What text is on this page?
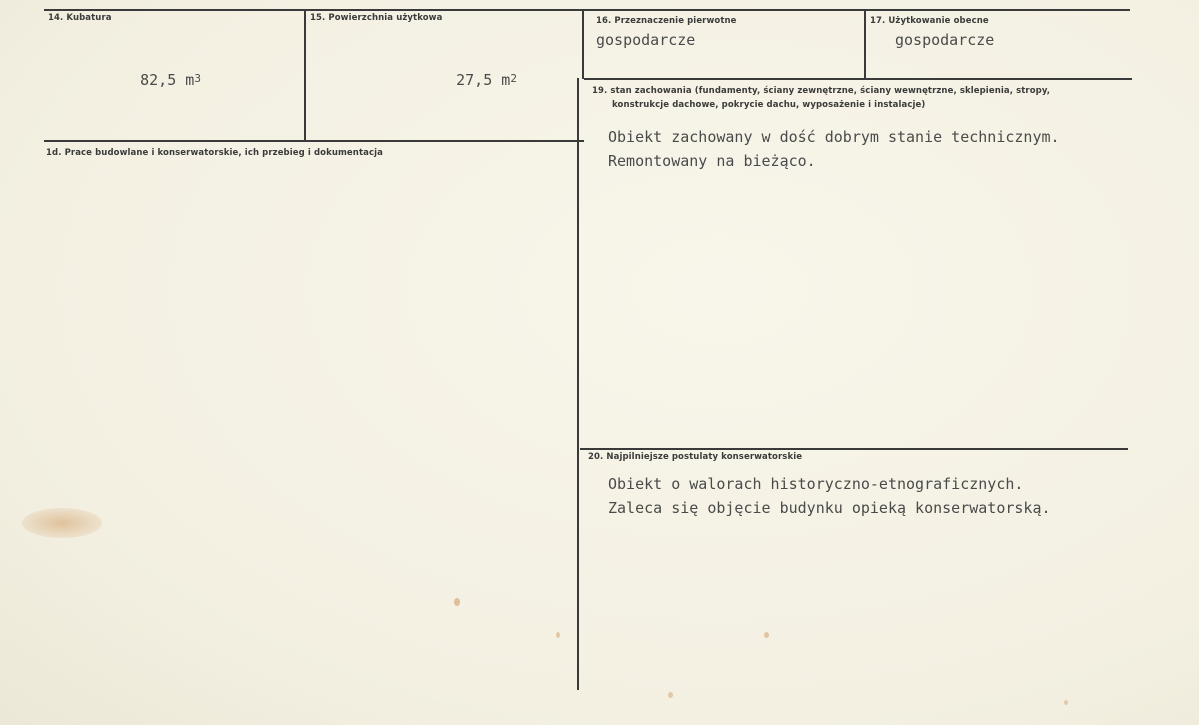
14. Kubatura

82,5 $m^3$

15. Powierzchnia użytkowa

27,5 $m^2$

16. Przeznaczenie pierwotne
gospodarcze
17. Użytkowanie obecne
gospodarcze
1d. Prace budowlane i konserwatorskie, ich przebieg i dokumentacja
19. stan zachowania (fundamenty, ściany zewnętrzne, ściany wewnętrzne, sklepienia, stropy,
konstrukcje dachowe, pokrycie dachu, wyposażenie i instalacje)
Obiekt zachowany w dość dobrym stanie technicznym.
Remontowany na bieżąco.
20. Najpilniejsze postulaty konserwatorskie
Obiekt o walorach historyczno-etnograficznych.
Zaleca się objęcie budynku opieką konserwatorską.
